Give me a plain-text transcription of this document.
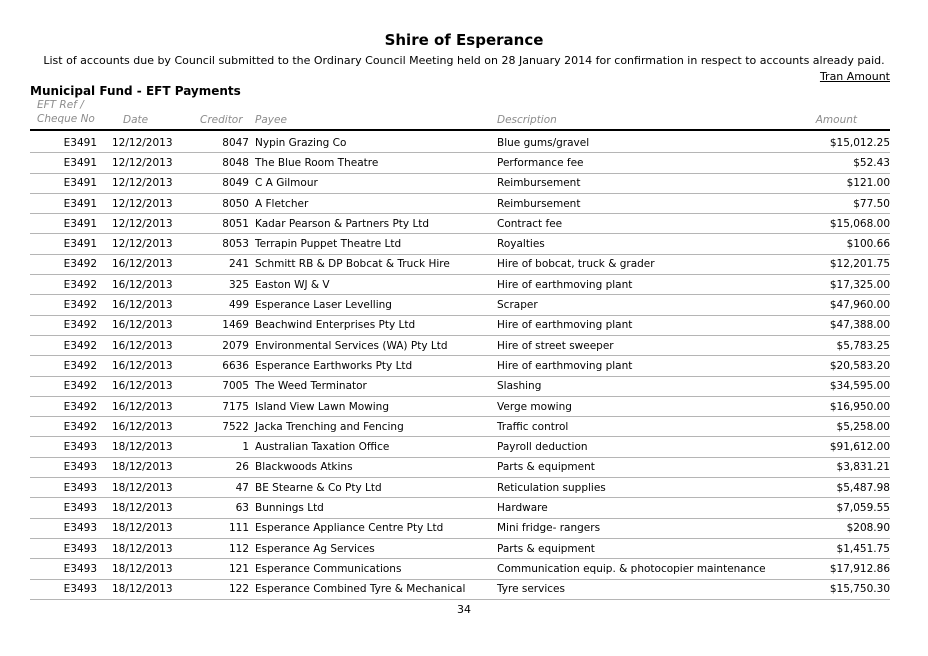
Shire of Esperance
List of accounts due by Council submitted to the Ordinary Council Meeting held on 28 January 2014 for confirmation in respect to accounts already paid.
Tran Amount
Municipal Fund - EFT Payments
EFT Ref /
Cheque No	Date	Creditor	Payee	Description	Amount
E3491 12/12/2013	8047 Nypin Grazing Co	Blue gums/gravel	$15,012.25
E3491 12/12/2013	8048 The Blue Room Theatre	Performance fee	$52.43
E3491 12/12/2013	8049 C A Gilmour	Reimbursement	$121.00
E3491 12/12/2013	8050 A Fletcher	Reimbursement	$77.50
E3491 12/12/2013	8051 Kadar Pearson & Partners Pty Ltd	Contract fee	$15,068.00
E3491 12/12/2013	8053 Terrapin Puppet Theatre Ltd	Royalties	$100.66
E3492 16/12/2013	241 Schmitt RB & DP Bobcat & Truck Hire	Hire of bobcat, truck & grader	$12,201.75
E3492 16/12/2013	325 Easton WJ & V	Hire of earthmoving plant	$17,325.00
E3492 16/12/2013	499 Esperance Laser Levelling	Scraper	$47,960.00
E3492 16/12/2013	1469 Beachwind Enterprises Pty Ltd	Hire of earthmoving plant	$47,388.00
E3492 16/12/2013	2079 Environmental Services (WA) Pty Ltd	Hire of street sweeper	$5,783.25
E3492 16/12/2013	6636 Esperance Earthworks Pty Ltd	Hire of earthmoving plant	$20,583.20
E3492 16/12/2013	7005 The Weed Terminator	Slashing	$34,595.00
E3492 16/12/2013	7175 Island View Lawn Mowing	Verge mowing	$16,950.00
E3492 16/12/2013	7522 Jacka Trenching and Fencing	Traffic control	$5,258.00
E3493 18/12/2013	1 Australian Taxation Office	Payroll deduction	$91,612.00
E3493 18/12/2013	26 Blackwoods Atkins	Parts & equipment	$3,831.21
E3493 18/12/2013	47 BE Stearne & Co Pty Ltd	Reticulation supplies	$5,487.98
E3493 18/12/2013	63 Bunnings Ltd	Hardware	$7,059.55
E3493 18/12/2013	111 Esperance Appliance Centre Pty Ltd	Mini fridge- rangers	$208.90
E3493 18/12/2013	112 Esperance Ag Services	Parts & equipment	$1,451.75
E3493 18/12/2013	121 Esperance Communications	Communication equip. & photocopier maintenance	$17,912.86
E3493 18/12/2013	122 Esperance Combined Tyre & Mechanical	Tyre services	$15,750.30
34
